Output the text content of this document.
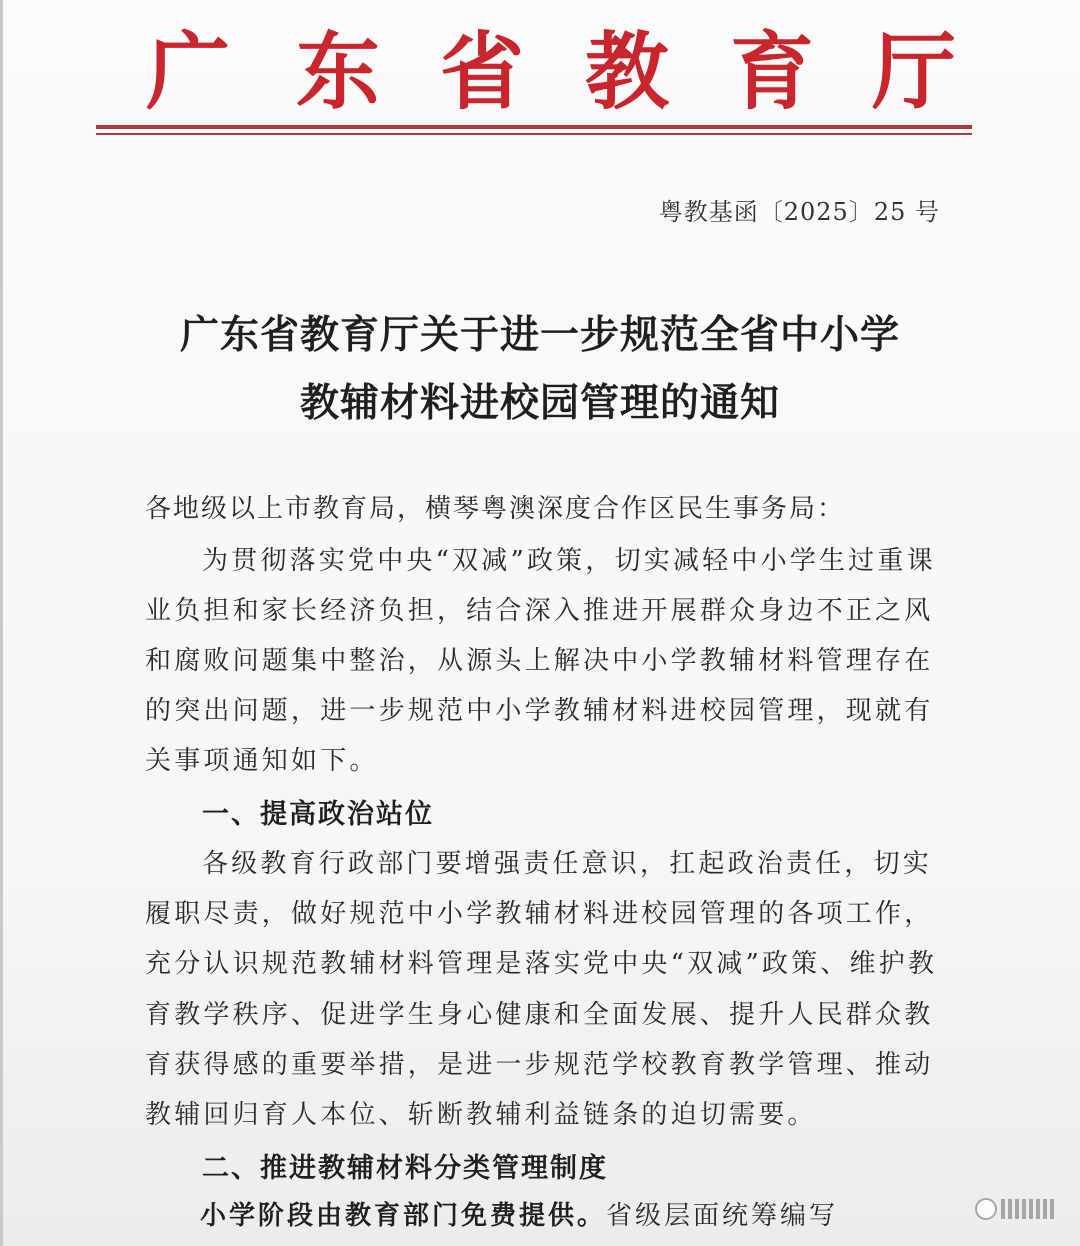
广 东 省 教 育 厅
粤教基函〔2025〕25 号
广东省教育厅关于进一步规范全省中小学
教辅材料进校园管理的通知
各地级以上市教育局，横琴粤澳深度合作区民生事务局：
为贯彻落实党中央“双减”政策，切实减轻中小学生过重课
业负担和家长经济负担，结合深入推进开展群众身边不正之风
和腐败问题集中整治，从源头上解决中小学教辅材料管理存在
的突出问题，进一步规范中小学教辅材料进校园管理，现就有
关事项通知如下。
一、提高政治站位
各级教育行政部门要增强责任意识，扛起政治责任，切实
履职尽责，做好规范中小学教辅材料进校园管理的各项工作，
充分认识规范教辅材料管理是落实党中央“双减”政策、维护教
育教学秩序、促进学生身心健康和全面发展、提升人民群众教
育获得感的重要举措，是进一步规范学校教育教学管理、推动
教辅回归育人本位、斩断教辅利益链条的迫切需要。
二、推进教辅材料分类管理制度
小学阶段由教育部门免费提供。省级层面统筹编写
